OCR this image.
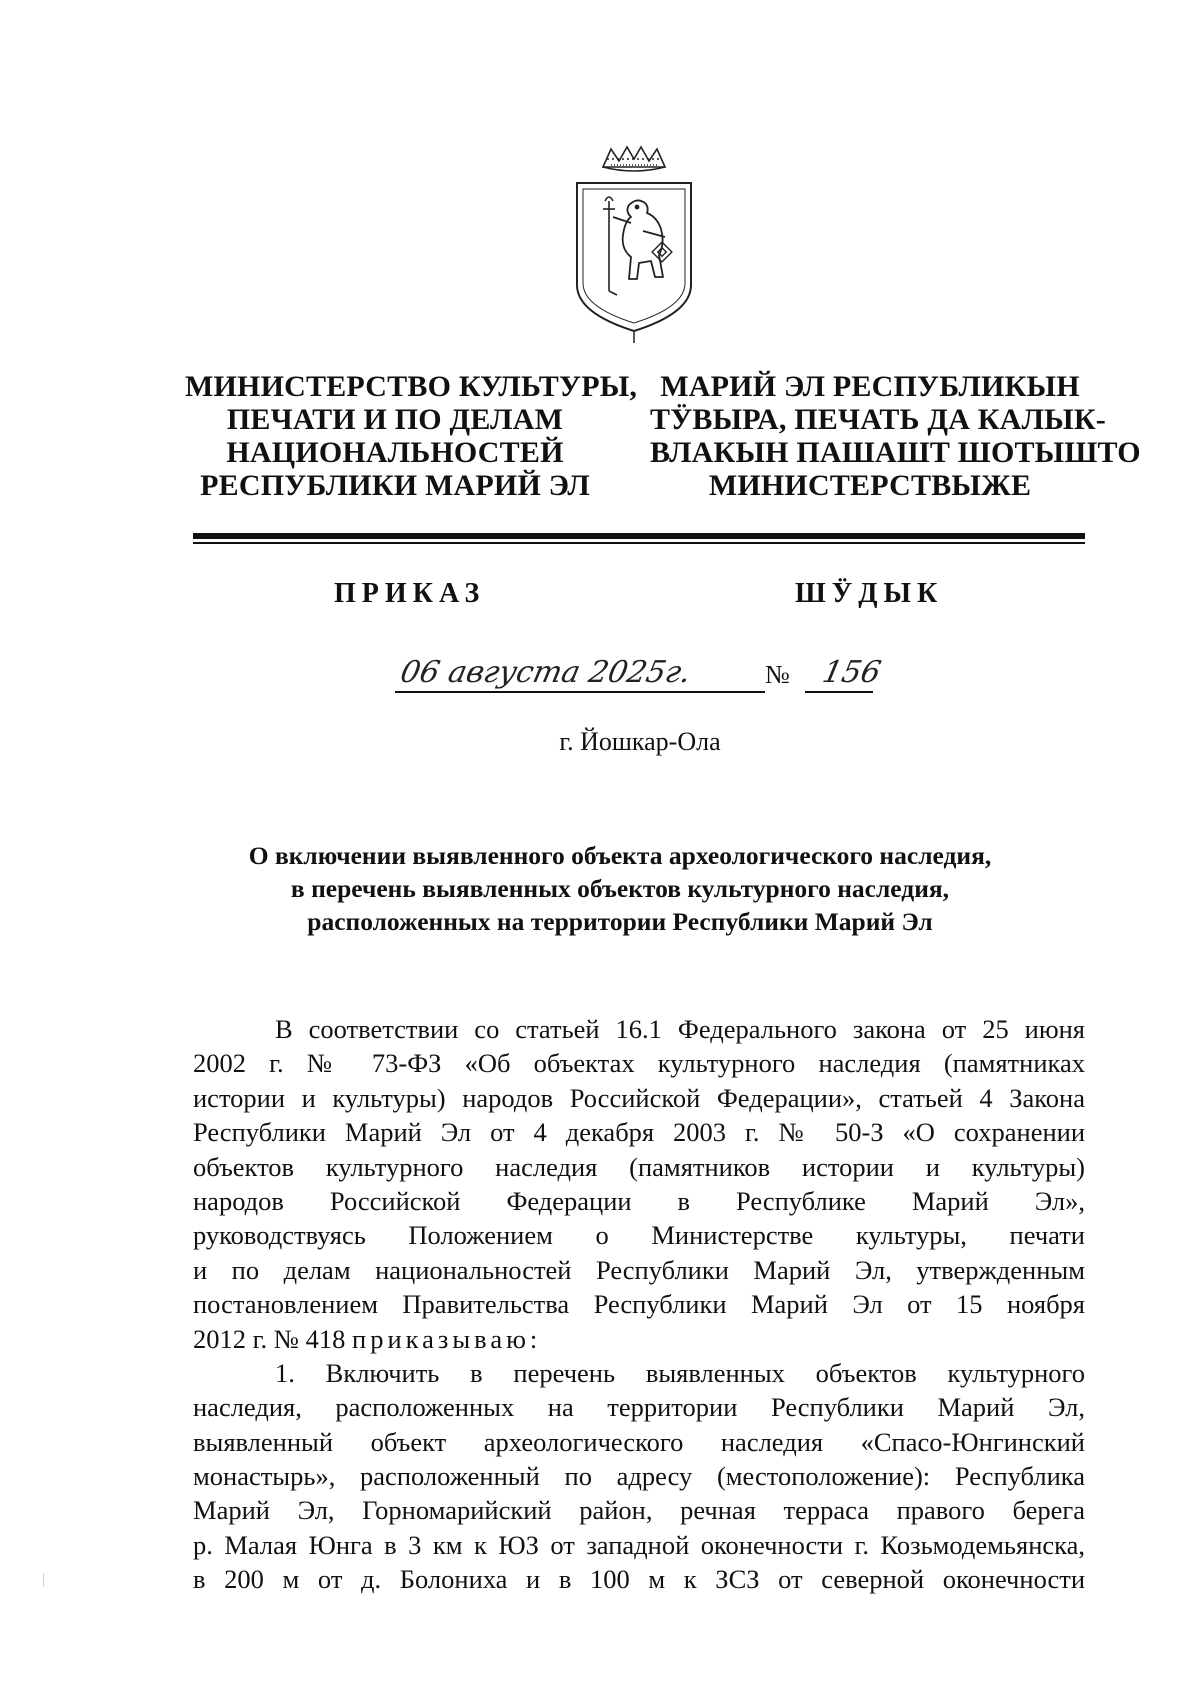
МИНИСТЕРСТВО КУЛЬТУРЫ,
ПЕЧАТИ И ПО ДЕЛАМ
НАЦИОНАЛЬНОСТЕЙ
РЕСПУБЛИКИ МАРИЙ ЭЛ
МАРИЙ ЭЛ РЕСПУБЛИКЫН
ТӰВЫРА, ПЕЧАТЬ ДА КАЛЫК-
ВЛАКЫН ПАШАШТ ШОТЫШТО
МИНИСТЕРСТВЫЖЕ
ПРИКАЗ	ШӰДЫК
06 августа 2025г.	№ 156
г. Йошкар-Ола
О включении выявленного объекта археологического наследия,
в перечень выявленных объектов культурного наследия,
расположенных на территории Республики Марий Эл
В соответствии со статьей 16.1 Федерального закона от 25 июня
2002 г. № 73-ФЗ «Об объектах культурного наследия (памятниках
истории и культуры) народов Российской Федерации», статьей 4 Закона
Республики Марий Эл от 4 декабря 2003 г. № 50-З «О сохранении
объектов культурного наследия (памятников истории и культуры)
народов Российской Федерации в Республике Марий Эл»,
руководствуясь Положением о Министерстве культуры, печати
и по делам национальностей Республики Марий Эл, утвержденным
постановлением Правительства Республики Марий Эл от 15 ноября
2012 г. № 418 приказываю:
1. Включить в перечень выявленных объектов культурного
наследия, расположенных на территории Республики Марий Эл,
выявленный объект археологического наследия «Спасо-Юнгинский
монастырь», расположенный по адресу (местоположение): Республика
Марий Эл, Горномарийский район, речная терраса правого берега
р. Малая Юнга в 3 км к ЮЗ от западной оконечности г. Козьмодемьянска,
в 200 м от д. Болониха и в 100 м к ЗСЗ от северной оконечности
